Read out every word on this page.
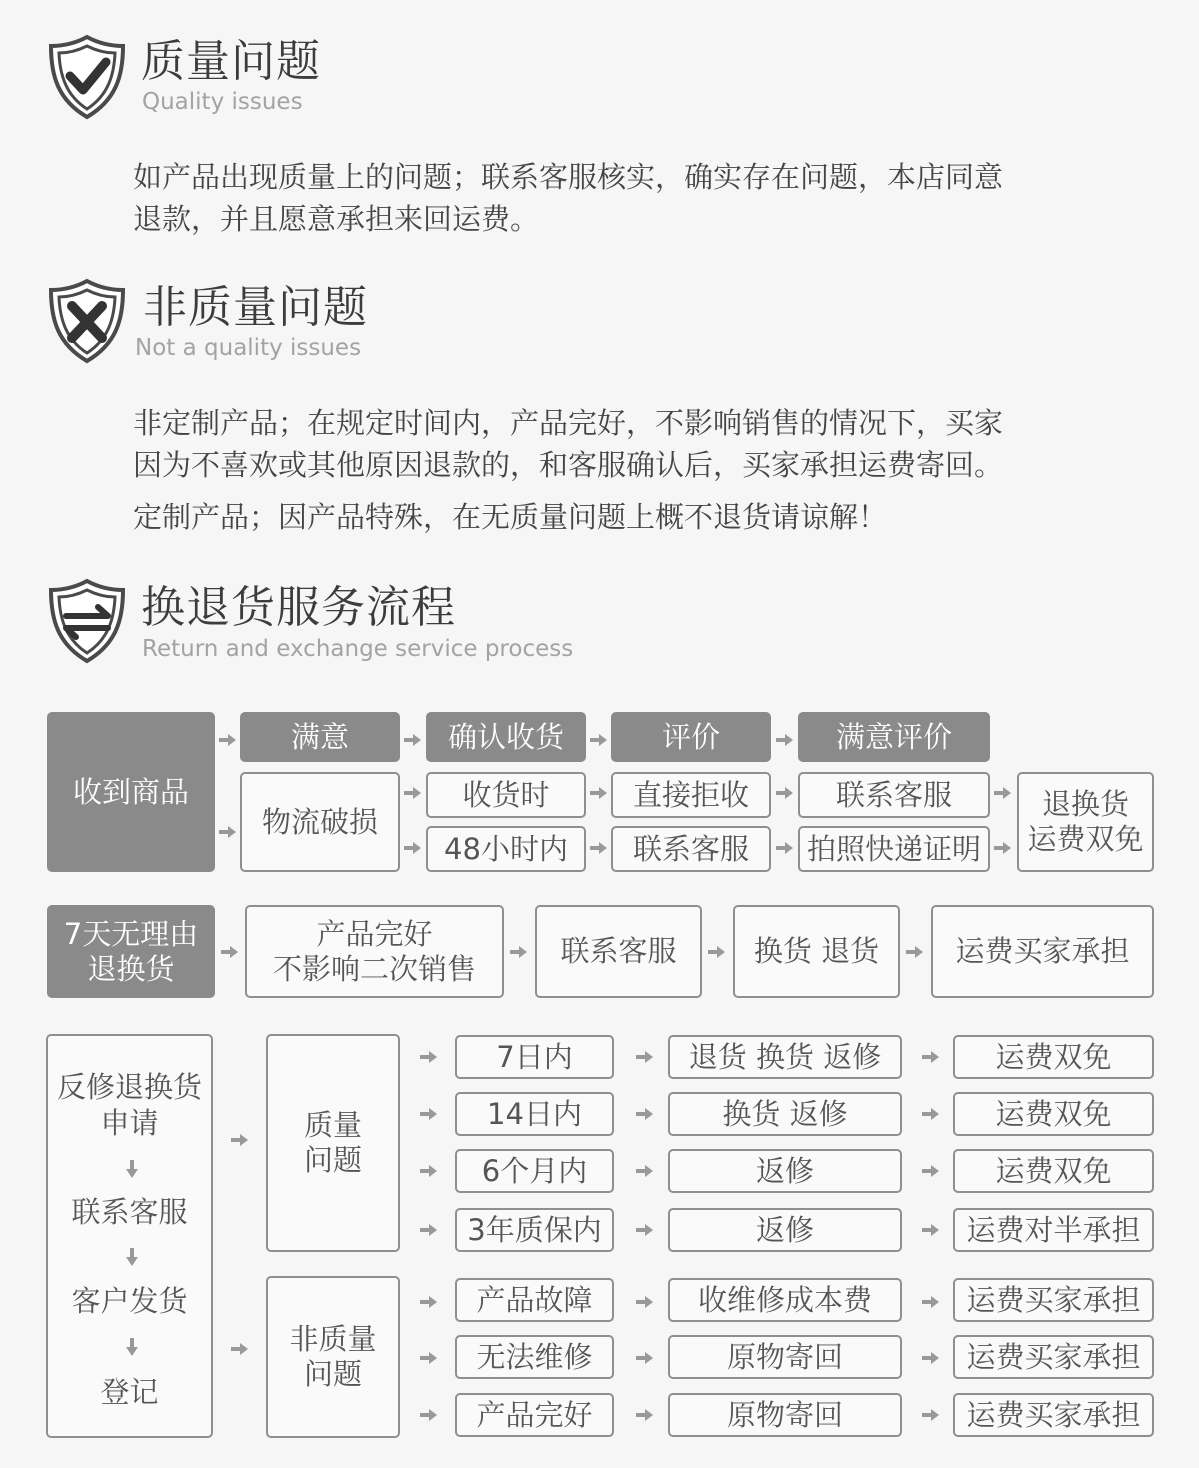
质量问题
Quality issues
如产品出现质量上的问题；联系客服核实，确实存在问题，本店同意
退款，并且愿意承担来回运费。
非质量问题
Not a quality issues
非定制产品；在规定时间内，产品完好，不影响销售的情况下，买家
因为不喜欢或其他原因退款的，和客服确认后，买家承担运费寄回。
定制产品；因产品特殊，在无质量问题上概不退货请谅解！
换退货服务流程
Return and exchange service process
收到商品
满意	确认收货	评价	满意评价
物流破损
收货时	直接拒收	联系客服
48小时内	联系客服	拍照快递证明
退换货
运费双免
7天无理由
退换货
产品完好
不影响二次销售
联系客服	换货 退货	运费买家承担
反修退换货
申请
联系客服
客户发货
登记
质量
问题
非质量
问题
7日内	退货 换货 返修	运费双免
14日内	换货 返修	运费双免
6个月内	返修	运费双免
3年质保内	返修	运费对半承担
产品故障	收维修成本费	运费买家承担
无法维修	原物寄回	运费买家承担
产品完好	原物寄回	运费买家承担
